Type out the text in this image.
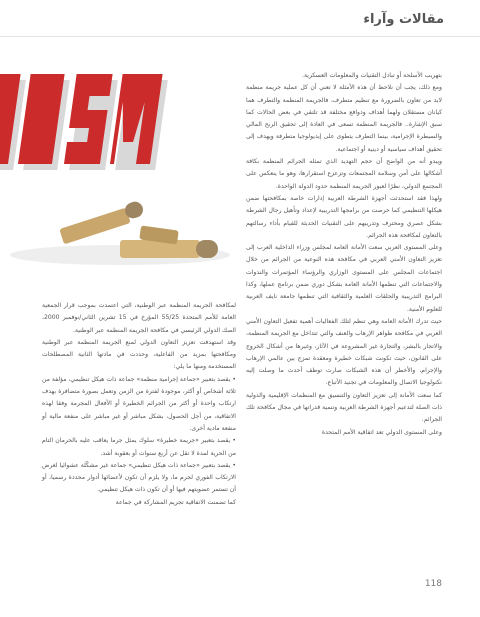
مقالات وآراء

بتهريب الأسلحة أو تبادل التقنيات والمعلومات العسكرية.

ومع ذلك، يجب أن نلاحظ أن هذه الأمثلة لا تعني أن كل عملية جريمة منظمة لابد من تعاون بالضرورة مع تنظيم متطرف، فالجريمة المنظمة والتطرف هما كيانان مستقلان ولهما أهداف ودوافع مختلفة قد تلتقي في بعض الحالات كما سبق الإشارة.. فالجريمة المنظمة تسعى في العادة إلى تحقيق الربح المالي والسيطرة الإجرامية، بينما التطرف يتطوى على إيديولوجيا متطرفة ويهدف إلى تحقيق أهداف سياسية أو دينية أو اجتماعية.

ويبدو أنه من الواضح أن حجم التهديد الذي تمثله الجرائم المنظمة بكافة أشكالها على أمن وسلامة المجتمعات وتزعزع استقرارها، وهو ما ينعكس على المجتمع الدولي، نظرًا لعبور الجريمة المنظمة حدود الدولة الواحدة.

ولهذا فقد استحدثت أجهزة الشرطة العربية إدارات خاصة بمكافحتها ضمن هيكلها التنظيمي كما حرصت من برامجها التدريبية لإعداد وتأهيل رجال الشرطة بشكل عصري ومحترف وتدريبهم على التقنيات الحديثة للقيام بأداء رسالتهم بالتعاون لمكافحة هذه الجرائم.

وعلى المستوى العربي سعت الأمانة العامة لمجلس وزراء الداخلية العرب إلى تعزيز التعاون الأمني العربي في مكافحة هذه النوعية من الجرائم من خلال اجتماعات المجلس على المستوى الوزاري والرؤساء المؤتمرات والندوات والاجتماعات التي تنظمها الأمانة العامة بشكل دوري ضمن برنامج عملها، وكذا البرامج التدريبية والحلقات العلمية والثقافية التي تنظمها جامعة نايف العربية للعلوم الأمنية.

حيث تدرك الأمانة العامة وهي تنظم لتلك الفعاليات أهمية تفعيل التعاون الأمني العربي في مكافحة ظواهر الإرهاب والعنف والتي تتداخل مع الجريمة المنظمة، والاتجار بالبشر، والتجارة غير المشروعة في الآثار، وغيرها من أشكال الخروج على القانون، حيث تكونت شبكات خطيرة ومعقدة تمزج بين عالمي الإرهاب والإجرام، والأخطر أن هذه الشبكات صارت توظف أحدث ما وصلت إليه تكنولوجيا الاتصال والمعلومات في تجنيد الأتباع.

كما سعت الأمانة إلى تعزيز التعاون والتنسيق مع المنظمات الإقليمية والدولية ذات الصلة لتدعيم أجهزة الشرطة العربية وتنمية قدراتها في مجال مكافحة تلك الجرائم.

وعلى المستوى الدولي تعد اتفاقية الأمم المتحدة

لمكافحة الجريمة المنظمة عبر الوطنية، التي اعتمدت بموجب قرار الجمعية العامة للأمم المتحدة 55/25 المؤرخ في 15 تشرين الثاني/نوفمبر 2000، الصك الدولي الرئيسي في مكافحة الجريمة المنظمة عبر الوطنية.

وقد استهدفت تعزيز التعاون الدولي لمنع الجريمة المنظمة عبر الوطنية ومكافحتها بمزيد من الفاعلية، وحددت في مادتها الثانية المصطلحات المستخدمة ومنها ما يلي:

• يقصد بتعبير «جماعة إجرامية منظمة» جماعة ذات هيكل تنظيمي، مؤلفة من ثلاثة أشخاص أو أكثر، موجودة لفترة من الزمن وتعمل بصورة متضافرة بهدف ارتكاب واحدة أو أكثر من الجرائم الخطيرة أو الأفعال المجرمة وفقا لهذه الاتفاقية، من أجل الحصول، بشكل مباشر أو غير مباشر على منفعة مالية أو منفعة مادية أخرى.

• يقصد بتعبير «جريمة خطيرة» سلوك يمثل جرما يعاقب عليه بالحرمان التام من الحرية لمدة لا تقل عن أربع سنوات أو بعقوبة أشد.

• يقصد بتعبير «جماعة ذات هيكل تنظيمي» جماعة غير مشكّلة عشوائيا لغرض الارتكاب الفوري لجرم ما، ولا يلزم أن تكون لأعضائها أدوار محددة رسميا، أو أن تستمر عضويتهم فيها أو أن تكون ذات هيكل تنظيمي.

كما تضمنت الاتفاقية تجريم المشاركة في جماعة

118
